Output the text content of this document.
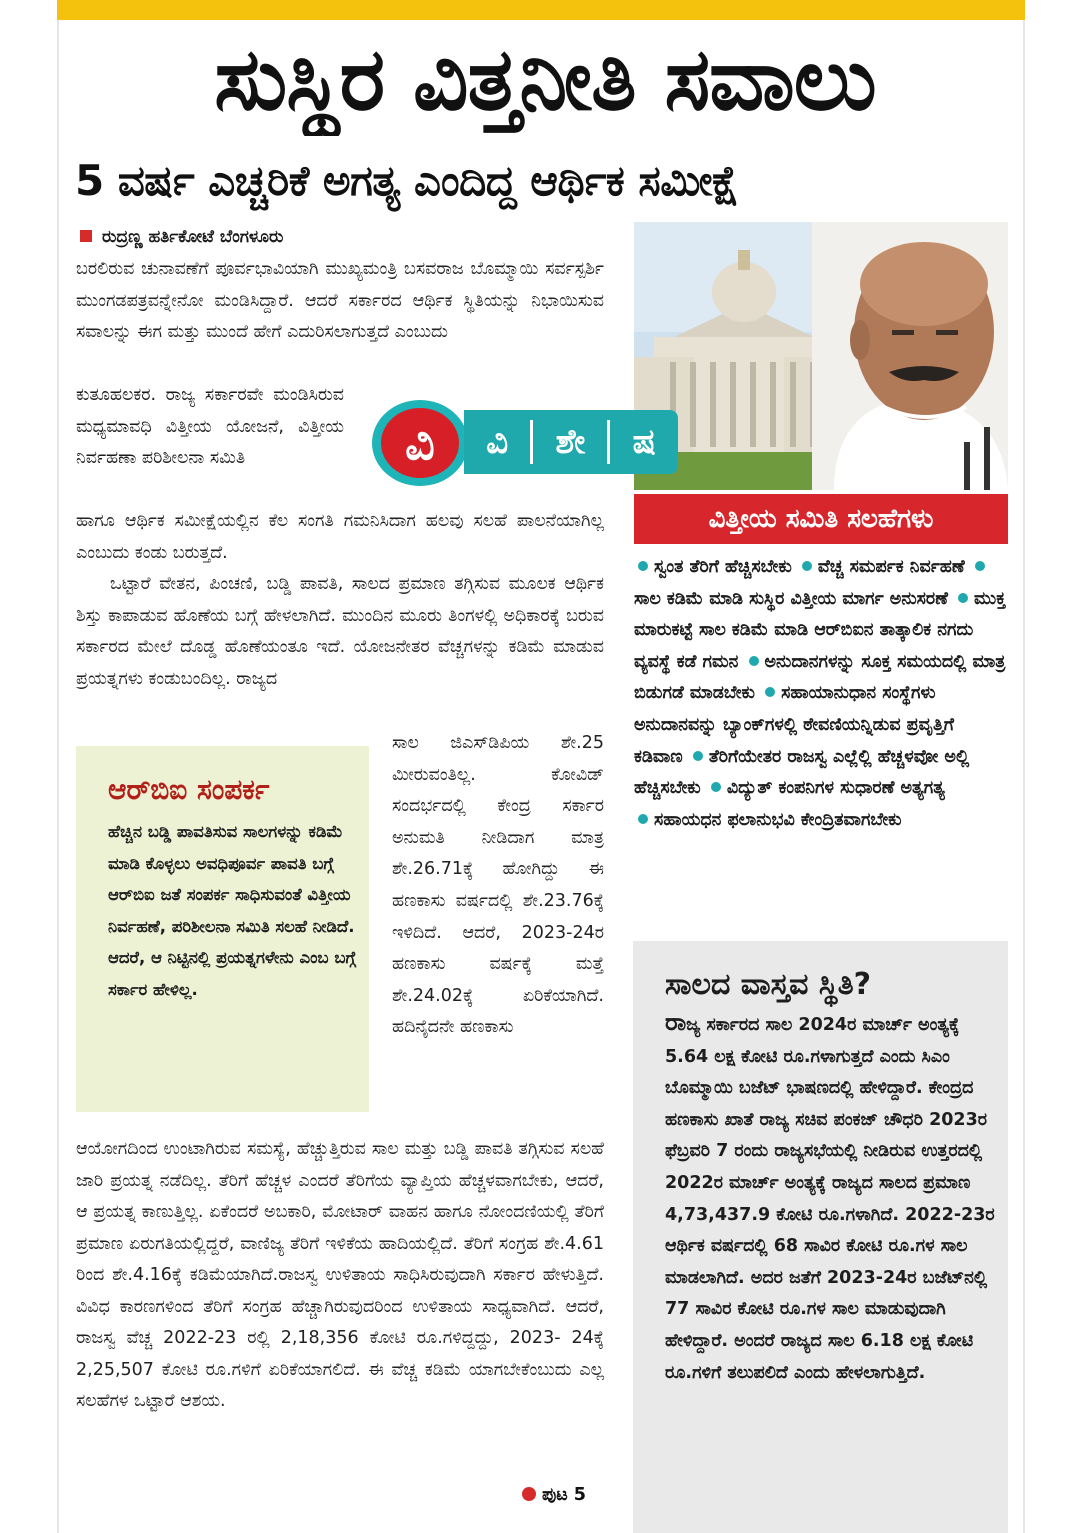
ಸುಸ್ಥಿರ ವಿತ್ತನೀತಿ ಸವಾಲು
5 ವರ್ಷ ಎಚ್ಚರಿಕೆ ಅಗತ್ಯ ಎಂದಿದ್ದ ಆರ್ಥಿಕ ಸಮೀಕ್ಷೆ
ರುದ್ರಣ್ಣ ಹರ್ತಿಕೋಟೆ ಬೆಂಗಳೂರು

ಬರಲಿರುವ ಚುನಾವಣೆಗೆ ಪೂರ್ವಭಾವಿಯಾಗಿ ಮುಖ್ಯಮಂತ್ರಿ ಬಸವರಾಜ ಬೊಮ್ಮಾಯಿ ಸರ್ವಸ್ಪರ್ಶಿ ಮುಂಗಡಪತ್ರವನ್ನೇನೋ ಮಂಡಿಸಿದ್ದಾರೆ. ಆದರೆ ಸರ್ಕಾರದ ಆರ್ಥಿಕ ಸ್ಥಿತಿಯನ್ನು ನಿಭಾಯಿಸುವ ಸವಾಲನ್ನು ಈಗ ಮತ್ತು ಮುಂದೆ ಹೇಗೆ ಎದುರಿಸಲಾಗುತ್ತದೆ ಎಂಬುದು

ಕುತೂಹಲಕರ. ರಾಜ್ಯ ಸರ್ಕಾರವೇ ಮಂಡಿಸಿರುವ ಮಧ್ಯಮಾವಧಿ ವಿತ್ತೀಯ ಯೋಜನೆ, ವಿತ್ತೀಯ ನಿರ್ವಹಣಾ ಪರಿಶೀಲನಾ ಸಮಿತಿ

ಹಾಗೂ ಆರ್ಥಿಕ ಸಮೀಕ್ಷೆಯಲ್ಲಿನ ಕೆಲ ಸಂಗತಿ ಗಮನಿಸಿದಾಗ ಹಲವು ಸಲಹೆ ಪಾಲನೆಯಾಗಿಲ್ಲ ಎಂಬುದು ಕಂಡು ಬರುತ್ತದೆ.

ಒಟ್ಟಾರೆ ವೇತನ, ಪಿಂಚಣಿ, ಬಡ್ಡಿ ಪಾವತಿ, ಸಾಲದ ಪ್ರಮಾಣ ತಗ್ಗಿಸುವ ಮೂಲಕ ಆರ್ಥಿಕ ಶಿಸ್ತು ಕಾಪಾಡುವ ಹೊಣೆಯ ಬಗ್ಗೆ ಹೇಳಲಾಗಿದೆ. ಮುಂದಿನ ಮೂರು ತಿಂಗಳಲ್ಲಿ ಅಧಿಕಾರಕ್ಕೆ ಬರುವ ಸರ್ಕಾರದ ಮೇಲೆ ದೊಡ್ಡ ಹೊಣೆಯಂತೂ ಇದೆ. ಯೋಜನೇತರ ವೆಚ್ಚಗಳನ್ನು ಕಡಿಮೆ ಮಾಡುವ ಪ್ರಯತ್ನಗಳು ಕಂಡುಬಂದಿಲ್ಲ. ರಾಜ್ಯದ

ಸಾಲ ಜಿಎಸ್‌ಡಿಪಿಯ ಶೇ.25 ಮೀರುವಂತಿಲ್ಲ. ಕೋವಿಡ್ ಸಂದರ್ಭದಲ್ಲಿ ಕೇಂದ್ರ ಸರ್ಕಾರ ಅನುಮತಿ ನೀಡಿದಾಗ ಮಾತ್ರ ಶೇ.26.71ಕ್ಕೆ ಹೋಗಿದ್ದು ಈ ಹಣಕಾಸು ವರ್ಷದಲ್ಲಿ ಶೇ.23.76ಕ್ಕೆ ಇಳಿದಿದೆ. ಆದರೆ, 2023-24ರ ಹಣಕಾಸು ವರ್ಷಕ್ಕೆ ಮತ್ತೆ ಶೇ.24.02ಕ್ಕೆ ಏರಿಕೆಯಾಗಿದೆ. ಹದಿನೈದನೇ ಹಣಕಾಸು

ಆಯೋಗದಿಂದ ಉಂಟಾಗಿರುವ ಸಮಸ್ಯೆ, ಹೆಚ್ಚುತ್ತಿರುವ ಸಾಲ ಮತ್ತು ಬಡ್ಡಿ ಪಾವತಿ ತಗ್ಗಿಸುವ ಸಲಹೆ ಜಾರಿ ಪ್ರಯತ್ನ ನಡೆದಿಲ್ಲ. ತೆರಿಗೆ ಹೆಚ್ಚಳ ಎಂದರೆ ತೆರಿಗೆಯ ವ್ಯಾಪ್ತಿಯ ಹೆಚ್ಚಳವಾಗಬೇಕು, ಆದರೆ, ಆ ಪ್ರಯತ್ನ ಕಾಣುತ್ತಿಲ್ಲ. ಏಕೆಂದರೆ ಅಬಕಾರಿ, ಮೋಟಾರ್ ವಾಹನ ಹಾಗೂ ನೋಂದಣಿಯಲ್ಲಿ ತೆರಿಗೆ ಪ್ರಮಾಣ ಏರುಗತಿಯಲ್ಲಿದ್ದರೆ, ವಾಣಿಜ್ಯ ತೆರಿಗೆ ಇಳಿಕೆಯ ಹಾದಿಯಲ್ಲಿದೆ. ತೆರಿಗೆ ಸಂಗ್ರಹ ಶೇ.4.61 ರಿಂದ ಶೇ.4.16ಕ್ಕೆ ಕಡಿಮೆಯಾಗಿದೆ.ರಾಜಸ್ವ ಉಳಿತಾಯ ಸಾಧಿಸಿರುವುದಾಗಿ ಸರ್ಕಾರ ಹೇಳುತ್ತಿದೆ. ವಿವಿಧ ಕಾರಣಗಳಿಂದ ತೆರಿಗೆ ಸಂಗ್ರಹ ಹೆಚ್ಚಾಗಿರುವುದರಿಂದ ಉಳಿತಾಯ ಸಾಧ್ಯವಾಗಿದೆ. ಆದರೆ, ರಾಜಸ್ವ ವೆಚ್ಚ 2022-23 ರಲ್ಲಿ 2,18,356 ಕೋಟಿ ರೂ.ಗಳಿದ್ದದ್ದು, 2023- 24ಕ್ಕೆ 2,25,507 ಕೋಟಿ ರೂ.ಗಳಿಗೆ ಏರಿಕೆಯಾಗಲಿದೆ. ಈ ವೆಚ್ಚ ಕಡಿಮೆ ಯಾಗಬೇಕೆಂಬುದು ಎಲ್ಲ ಸಲಹೆಗಳ ಒಟ್ಟಾರೆ ಆಶಯ.

ಪುಟ 5
ಆರ್‌ಬಿಐ ಸಂಪರ್ಕ
ಹೆಚ್ಚಿನ ಬಡ್ಡಿ ಪಾವತಿಸುವ ಸಾಲಗಳನ್ನು ಕಡಿಮೆ ಮಾಡಿ ಕೊಳ್ಳಲು ಅವಧಿಪೂರ್ವ ಪಾವತಿ ಬಗ್ಗೆ ಆರ್‌ಬಿಐ ಜತೆ ಸಂಪರ್ಕ ಸಾಧಿಸುವಂತೆ ವಿತ್ತೀಯ ನಿರ್ವಹಣೆ, ಪರಿಶೀಲನಾ ಸಮಿತಿ ಸಲಹೆ ನೀಡಿದೆ. ಆದರೆ, ಆ ನಿಟ್ಟಿನಲ್ಲಿ ಪ್ರಯತ್ನಗಳೇನು ಎಂಬ ಬಗ್ಗೆ ಸರ್ಕಾರ ಹೇಳಿಲ್ಲ.
ವಿ	ವಿ ಶೇ ಷ
ವಿತ್ತೀಯ ಸಮಿತಿ ಸಲಹೆಗಳು
ಸ್ವಂತ ತೆರಿಗೆ ಹೆಚ್ಚಿಸಬೇಕು ವೆಚ್ಚ ಸಮರ್ಪಕ ನಿರ್ವಹಣೆ ಸಾಲ ಕಡಿಮೆ ಮಾಡಿ ಸುಸ್ಥಿರ ವಿತ್ತೀಯ ಮಾರ್ಗ ಅನುಸರಣೆ ಮುಕ್ತ ಮಾರುಕಟ್ಟೆ ಸಾಲ ಕಡಿಮೆ ಮಾಡಿ ಆರ್‌ಬಿಐನ ತಾತ್ಕಾಲಿಕ ನಗದು ವ್ಯವಸ್ಥೆ ಕಡೆ ಗಮನ ಅನುದಾನಗಳನ್ನು ಸೂಕ್ತ ಸಮಯದಲ್ಲಿ ಮಾತ್ರ ಬಿಡುಗಡೆ ಮಾಡಬೇಕು ಸಹಾಯಾನುಧಾನ ಸಂಸ್ಥೆಗಳು ಅನುದಾನವನ್ನು ಬ್ಯಾಂಕ್‌ಗಳಲ್ಲಿ ಠೇವಣಿಯನ್ನಿಡುವ ಪ್ರವೃತ್ತಿಗೆ ಕಡಿವಾಣ ತೆರಿಗೆಯೇತರ ರಾಜಸ್ವ ಎಲ್ಲೆಲ್ಲಿ ಹೆಚ್ಚಳವೋ ಅಲ್ಲಿ ಹೆಚ್ಚಿಸಬೇಕು ವಿದ್ಯುತ್ ಕಂಪನಿಗಳ ಸುಧಾರಣೆ ಅತ್ಯಗತ್ಯ
ಸಹಾಯಧನ ಫಲಾನುಭವಿ ಕೇಂದ್ರಿತವಾಗಬೇಕು
ಸಾಲದ ವಾಸ್ತವ ಸ್ಥಿತಿ?
ರಾಜ್ಯ ಸರ್ಕಾರದ ಸಾಲ 2024ರ ಮಾರ್ಚ್ ಅಂತ್ಯಕ್ಕೆ 5.64 ಲಕ್ಷ ಕೋಟಿ ರೂ.ಗಳಾಗುತ್ತದೆ ಎಂದು ಸಿಎಂ ಬೊಮ್ಮಾಯಿ ಬಜೆಟ್ ಭಾಷಣದಲ್ಲಿ ಹೇಳಿದ್ದಾರೆ. ಕೇಂದ್ರದ ಹಣಕಾಸು ಖಾತೆ ರಾಜ್ಯ ಸಚಿವ ಪಂಕಜ್ ಚೌಧರಿ 2023ರ ಫೆಬ್ರವರಿ 7 ರಂದು ರಾಜ್ಯಸಭೆಯಲ್ಲಿ ನೀಡಿರುವ ಉತ್ತರದಲ್ಲಿ 2022ರ ಮಾರ್ಚ್ ಅಂತ್ಯಕ್ಕೆ ರಾಜ್ಯದ ಸಾಲದ ಪ್ರಮಾಣ 4,73,437.9 ಕೋಟಿ ರೂ.ಗಳಾಗಿದೆ. 2022-23ರ ಆರ್ಥಿಕ ವರ್ಷದಲ್ಲಿ 68 ಸಾವಿರ ಕೋಟಿ ರೂ.ಗಳ ಸಾಲ ಮಾಡಲಾಗಿದೆ. ಅದರ ಜತೆಗೆ 2023-24ರ ಬಜೆಟ್‌ನಲ್ಲಿ 77 ಸಾವಿರ ಕೋಟಿ ರೂ.ಗಳ ಸಾಲ ಮಾಡುವುದಾಗಿ ಹೇಳಿದ್ದಾರೆ. ಅಂದರೆ ರಾಜ್ಯದ ಸಾಲ 6.18 ಲಕ್ಷ ಕೋಟಿ ರೂ.ಗಳಿಗೆ ತಲುಪಲಿದೆ ಎಂದು ಹೇಳಲಾಗುತ್ತಿದೆ.
